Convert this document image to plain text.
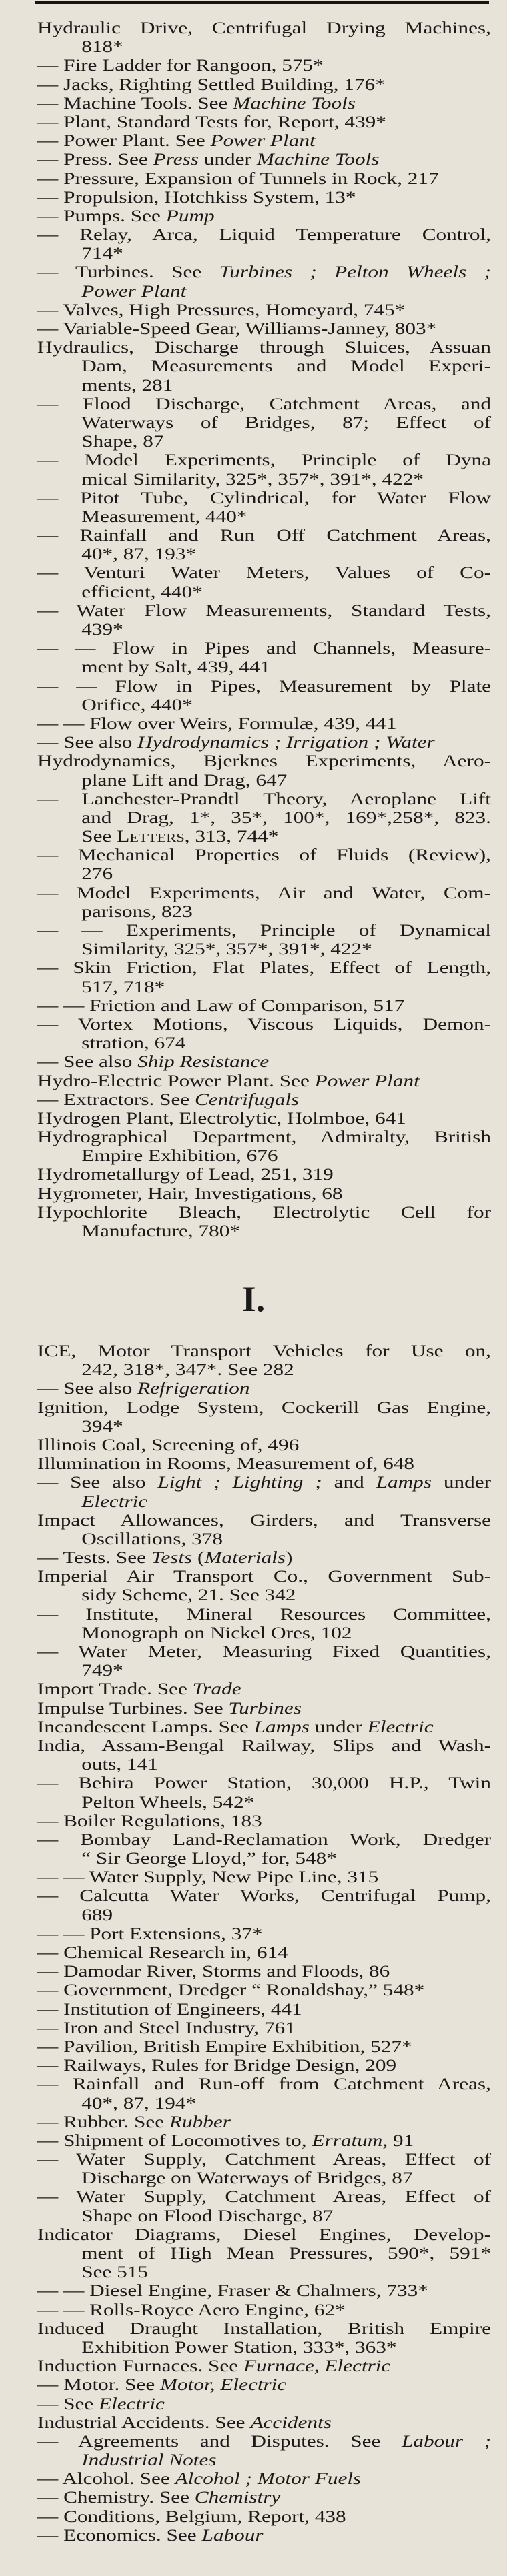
Hydraulic Drive, Centrifugal Drying Machines,
818*
— Fire Ladder for Rangoon, 575*
— Jacks, Righting Settled Building, 176*
— Machine Tools. See Machine Tools
— Plant, Standard Tests for, Report, 439*
— Power Plant. See Power Plant
— Press. See Press under Machine Tools
— Pressure, Expansion of Tunnels in Rock, 217
— Propulsion, Hotchkiss System, 13*
— Pumps. See Pump
— Relay, Arca, Liquid Temperature Control,
714*
— Turbines. See Turbines ; Pelton Wheels ;
Power Plant
— Valves, High Pressures, Homeyard, 745*
— Variable-Speed Gear, Williams-Janney, 803*
Hydraulics, Discharge through Sluices, Assuan
Dam, Measurements and Model Experi-
ments, 281
— Flood Discharge, Catchment Areas, and
Waterways of Bridges, 87; Effect of
Shape, 87
— Model Experiments, Principle of Dyna
mical Similarity, 325*, 357*, 391*, 422*
— Pitot Tube, Cylindrical, for Water Flow
Measurement, 440*
— Rainfall and Run Off Catchment Areas,
40*, 87, 193*
— Venturi Water Meters, Values of Co-
efficient, 440*
— Water Flow Measurements, Standard Tests,
439*
— — Flow in Pipes and Channels, Measure-
ment by Salt, 439, 441
— — Flow in Pipes, Measurement by Plate
Orifice, 440*
— — Flow over Weirs, Formulæ, 439, 441
— See also Hydrodynamics ; Irrigation ; Water
Hydrodynamics, Bjerknes Experiments, Aero-
plane Lift and Drag, 647
— Lanchester-Prandtl Theory, Aeroplane Lift
and Drag, 1*, 35*, 100*, 169*,258*, 823.
See Letters, 313, 744*
— Mechanical Properties of Fluids (Review),
276
— Model Experiments, Air and Water, Com-
parisons, 823
— — Experiments, Principle of Dynamical
Similarity, 325*, 357*, 391*, 422*
— Skin Friction, Flat Plates, Effect of Length,
517, 718*
— — Friction and Law of Comparison, 517
— Vortex Motions, Viscous Liquids, Demon-
stration, 674
— See also Ship Resistance
Hydro-Electric Power Plant. See Power Plant
— Extractors. See Centrifugals
Hydrogen Plant, Electrolytic, Holmboe, 641
Hydrographical Department, Admiralty, British
Empire Exhibition, 676
Hydrometallurgy of Lead, 251, 319
Hygrometer, Hair, Investigations, 68
Hypochlorite Bleach, Electrolytic Cell for
Manufacture, 780*
I.
ICE, Motor Transport Vehicles for Use on,
242, 318*, 347*. See 282
— See also Refrigeration
Ignition, Lodge System, Cockerill Gas Engine,
394*
Illinois Coal, Screening of, 496
Illumination in Rooms, Measurement of, 648
— See also Light ; Lighting ; and Lamps under
Electric
Impact Allowances, Girders, and Transverse
Oscillations, 378
— Tests. See Tests (Materials)
Imperial Air Transport Co., Government Sub-
sidy Scheme, 21. See 342
— Institute, Mineral Resources Committee,
Monograph on Nickel Ores, 102
— Water Meter, Measuring Fixed Quantities,
749*
Import Trade. See Trade
Impulse Turbines. See Turbines
Incandescent Lamps. See Lamps under Electric
India, Assam-Bengal Railway, Slips and Wash-
outs, 141
— Behira Power Station, 30,000 H.P., Twin
Pelton Wheels, 542*
— Boiler Regulations, 183
— Bombay Land-Reclamation Work, Dredger
“ Sir George Lloyd,” for, 548*
— — Water Supply, New Pipe Line, 315
— Calcutta Water Works, Centrifugal Pump,
689
— — Port Extensions, 37*
— Chemical Research in, 614
— Damodar River, Storms and Floods, 86
— Government, Dredger “ Ronaldshay,” 548*
— Institution of Engineers, 441
— Iron and Steel Industry, 761
— Pavilion, British Empire Exhibition, 527*
— Railways, Rules for Bridge Design, 209
— Rainfall and Run-off from Catchment Areas,
40*, 87, 194*
— Rubber. See Rubber
— Shipment of Locomotives to, Erratum, 91
— Water Supply, Catchment Areas, Effect of
Discharge on Waterways of Bridges, 87
— Water Supply, Catchment Areas, Effect of
Shape on Flood Discharge, 87
Indicator Diagrams, Diesel Engines, Develop-
ment of High Mean Pressures, 590*, 591*
See 515
— — Diesel Engine, Fraser & Chalmers, 733*
— — Rolls-Royce Aero Engine, 62*
Induced Draught Installation, British Empire
Exhibition Power Station, 333*, 363*
Induction Furnaces. See Furnace, Electric
— Motor. See Motor, Electric
— See Electric
Industrial Accidents. See Accidents
— Agreements and Disputes. See Labour ;
Industrial Notes
— Alcohol. See Alcohol ; Motor Fuels
— Chemistry. See Chemistry
— Conditions, Belgium, Report, 438
— Economics. See Labour
